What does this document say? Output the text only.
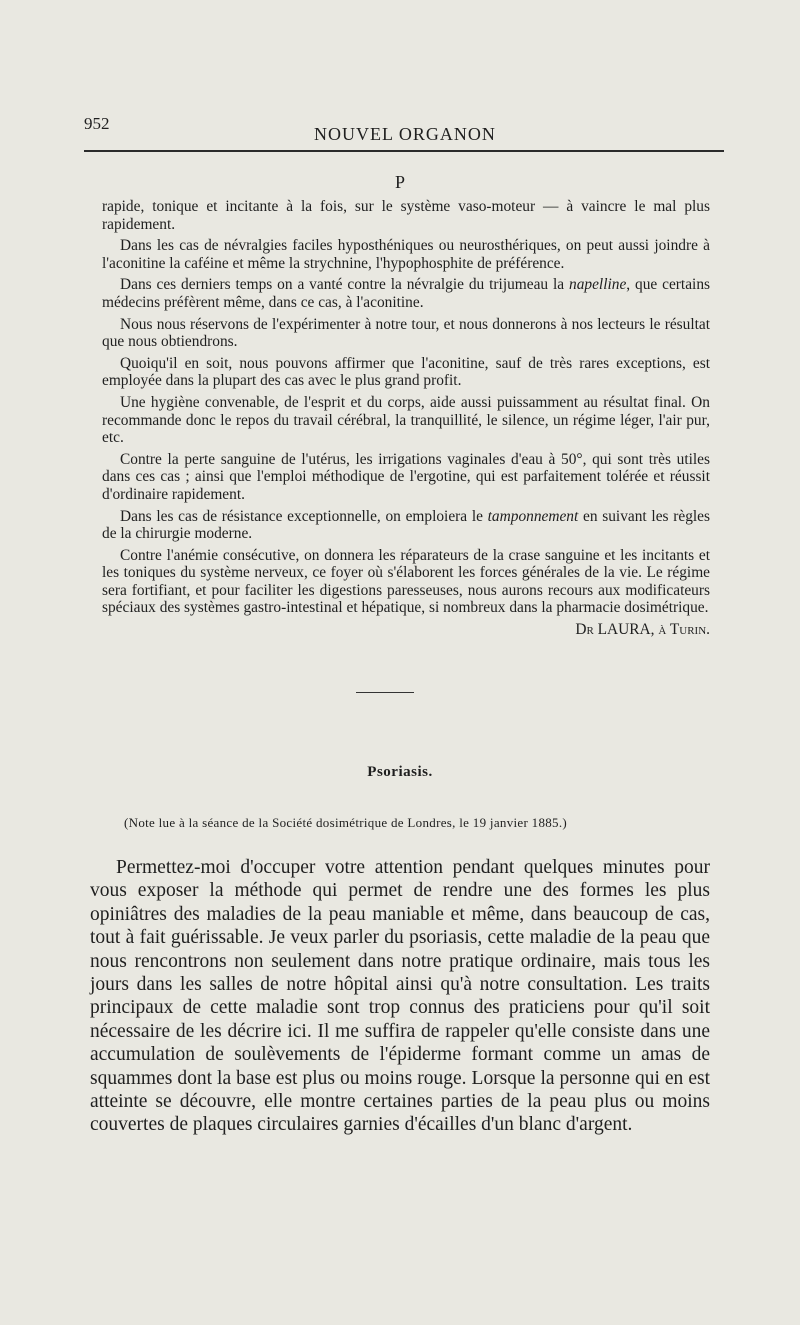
952
NOUVEL ORGANON
P

rapide, tonique et incitante à la fois, sur le système vaso-moteur — à vaincre le mal plus rapidement.

Dans les cas de névralgies faciles hyposthéniques ou neurosthériques, on peut aussi joindre à l'aconitine la caféine et même la strychnine, l'hypophosphite de préférence.

Dans ces derniers temps on a vanté contre la névralgie du trijumeau la napelline, que certains médecins préfèrent même, dans ce cas, à l'aconitine.

Nous nous réservons de l'expérimenter à notre tour, et nous donnerons à nos lecteurs le résultat que nous obtiendrons.

Quoiqu'il en soit, nous pouvons affirmer que l'aconitine, sauf de très rares exceptions, est employée dans la plupart des cas avec le plus grand profit.

Une hygiène convenable, de l'esprit et du corps, aide aussi puissamment au résultat final. On recommande donc le repos du travail cérébral, la tranquillité, le silence, un régime léger, l'air pur, etc.

Contre la perte sanguine de l'utérus, les irrigations vaginales d'eau à 50°, qui sont très utiles dans ces cas ; ainsi que l'emploi méthodique de l'ergotine, qui est parfaitement tolérée et réussit d'ordinaire rapidement.

Dans les cas de résistance exceptionnelle, on emploiera le tamponnement en suivant les règles de la chirurgie moderne.

Contre l'anémie consécutive, on donnera les réparateurs de la crase sanguine et les incitants et les toniques du système nerveux, ce foyer où s'élaborent les forces générales de la vie. Le régime sera fortifiant, et pour faciliter les digestions paresseuses, nous aurons recours aux modificateurs spéciaux des systèmes gastro-intestinal et hépatique, si nombreux dans la pharmacie dosimétrique.

Dr LAURA, à Turin.

Psoriasis.
(Note lue à la séance de la Société dosimétrique de Londres, le 19 janvier 1885.)

Permettez-moi d'occuper votre attention pendant quelques minutes pour vous exposer la méthode qui permet de rendre une des formes les plus opiniâtres des maladies de la peau maniable et même, dans beaucoup de cas, tout à fait guérissable. Je veux parler du psoriasis, cette maladie de la peau que nous rencontrons non seulement dans notre pratique ordinaire, mais tous les jours dans les salles de notre hôpital ainsi qu'à notre consultation. Les traits principaux de cette maladie sont trop connus des praticiens pour qu'il soit nécessaire de les décrire ici. Il me suffira de rappeler qu'elle consiste dans une accumulation de soulèvements de l'épiderme formant comme un amas de squammes dont la base est plus ou moins rouge. Lorsque la personne qui en est atteinte se découvre, elle montre certaines parties de la peau plus ou moins couvertes de plaques circulaires garnies d'écailles d'un blanc d'argent.
